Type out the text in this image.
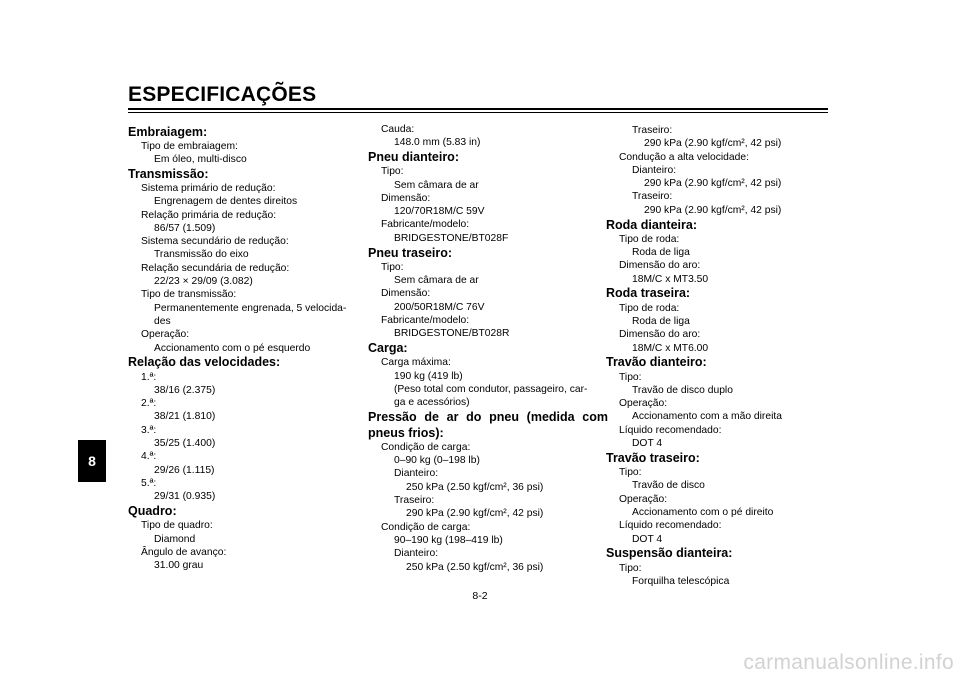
ESPECIFICAÇÕES
8
Embraiagem:
Tipo de embraiagem:
Em óleo, multi-disco
Transmissão:
Sistema primário de redução:
Engrenagem de dentes direitos
Relação primária de redução:
86/57 (1.509)
Sistema secundário de redução:
Transmissão do eixo
Relação secundária de redução:
22/23 × 29/09 (3.082)
Tipo de transmissão:
Permanentemente engrenada, 5 velocida-
des
Operação:
Accionamento com o pé esquerdo
Relação das velocidades:
1.ª:
38/16 (2.375)
2.ª:
38/21 (1.810)
3.ª:
35/25 (1.400)
4.ª:
29/26 (1.115)
5.ª:
29/31 (0.935)
Quadro:
Tipo de quadro:
Diamond
Ângulo de avanço:
31.00 grau
Cauda:
148.0 mm (5.83 in)
Pneu dianteiro:
Tipo:
Sem câmara de ar
Dimensão:
120/70R18M/C 59V
Fabricante/modelo:
BRIDGESTONE/BT028F
Pneu traseiro:
Tipo:
Sem câmara de ar
Dimensão:
200/50R18M/C 76V
Fabricante/modelo:
BRIDGESTONE/BT028R
Carga:
Carga máxima:
190 kg (419 lb)
(Peso total com condutor, passageiro, car-
ga e acessórios)
Pressão de ar do pneu (medida com
pneus frios):
Condição de carga:
0–90 kg (0–198 lb)
Dianteiro:
250 kPa (2.50 kgf/cm², 36 psi)
Traseiro:
290 kPa (2.90 kgf/cm², 42 psi)
Condição de carga:
90–190 kg (198–419 lb)
Dianteiro:
250 kPa (2.50 kgf/cm², 36 psi)
Traseiro:
290 kPa (2.90 kgf/cm², 42 psi)
Condução a alta velocidade:
Dianteiro:
290 kPa (2.90 kgf/cm², 42 psi)
Traseiro:
290 kPa (2.90 kgf/cm², 42 psi)
Roda dianteira:
Tipo de roda:
Roda de liga
Dimensão do aro:
18M/C x MT3.50
Roda traseira:
Tipo de roda:
Roda de liga
Dimensão do aro:
18M/C x MT6.00
Travão dianteiro:
Tipo:
Travão de disco duplo
Operação:
Accionamento com a mão direita
Líquido recomendado:
DOT 4
Travão traseiro:
Tipo:
Travão de disco
Operação:
Accionamento com o pé direito
Líquido recomendado:
DOT 4
Suspensão dianteira:
Tipo:
Forquilha telescópica
8-2
carmanualsonline.info
